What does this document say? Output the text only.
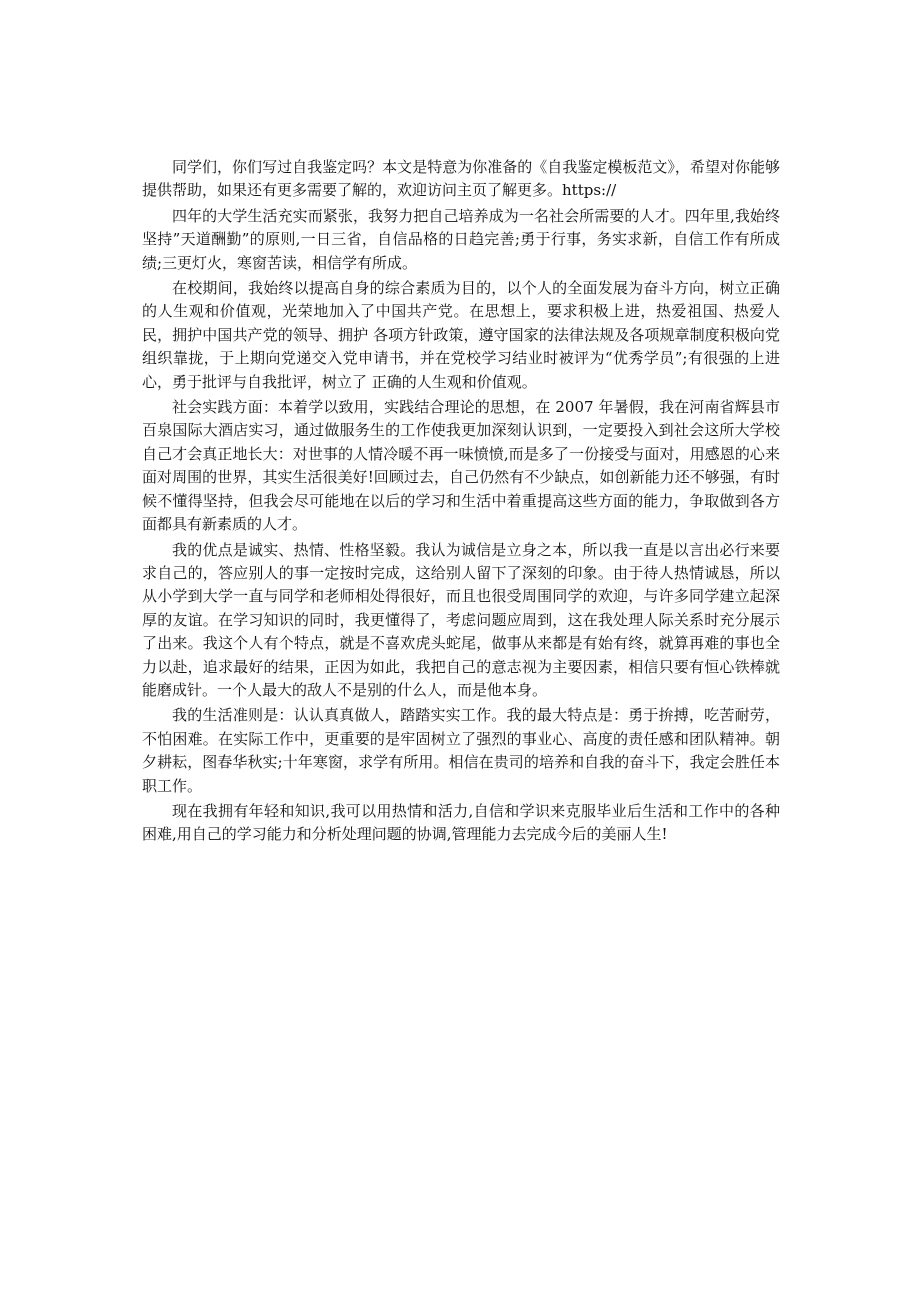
同学们，你们写过自我鉴定吗？本文是特意为你准备的《自我鉴定模板范文》，希望对你能够提供帮助，如果还有更多需要了解的，欢迎访问主页了解更多。https://

四年的大学生活充实而紧张，我努力把自己培养成为一名社会所需要的人才。四年里,我始终坚持”天道酬勤”的原则,一日三省，自信品格的日趋完善;勇于行事，务实求新，自信工作有所成绩;三更灯火，寒窗苦读，相信学有所成。

在校期间，我始终以提高自身的综合素质为目的，以个人的全面发展为奋斗方向，树立正确的人生观和价值观，光荣地加入了中国共产党。在思想上，要求积极上进，热爱祖国、热爱人民，拥护中国共产党的领导、拥护 各项方针政策，遵守国家的法律法规及各项规章制度积极向党组织靠拢，于上期向党递交入党申请书，并在党校学习结业时被评为“优秀学员”;有很强的上进心，勇于批评与自我批评，树立了 正确的人生观和价值观。

社会实践方面：本着学以致用，实践结合理论的思想，在 2007 年暑假，我在河南省辉县市百泉国际大酒店实习，通过做服务生的工作使我更加深刻认识到，一定要投入到社会这所大学校自己才会真正地长大：对世事的人情冷暖不再一味愤愤,而是多了一份接受与面对，用感恩的心来面对周围的世界，其实生活很美好!回顾过去，自己仍然有不少缺点，如创新能力还不够强，有时候不懂得坚持，但我会尽可能地在以后的学习和生活中着重提高这些方面的能力，争取做到各方面都具有新素质的人才。

我的优点是诚实、热情、性格坚毅。我认为诚信是立身之本，所以我一直是以言出必行来要求自己的，答应别人的事一定按时完成，这给别人留下了深刻的印象。由于待人热情诚恳，所以从小学到大学一直与同学和老师相处得很好，而且也很受周围同学的欢迎，与许多同学建立起深厚的友谊。在学习知识的同时，我更懂得了，考虑问题应周到，这在我处理人际关系时充分展示了出来。我这个人有个特点，就是不喜欢虎头蛇尾，做事从来都是有始有终，就算再难的事也全力以赴，追求最好的结果，正因为如此，我把自己的意志视为主要因素，相信只要有恒心铁棒就能磨成针。一个人最大的敌人不是别的什么人，而是他本身。

我的生活准则是：认认真真做人，踏踏实实工作。我的最大特点是：勇于拚搏，吃苦耐劳，不怕困难。在实际工作中，更重要的是牢固树立了强烈的事业心、高度的责任感和团队精神。朝夕耕耘，图春华秋实;十年寒窗，求学有所用。相信在贵司的培养和自我的奋斗下，我定会胜任本职工作。

现在我拥有年轻和知识,我可以用热情和活力,自信和学识来克服毕业后生活和工作中的各种困难,用自己的学习能力和分析处理问题的协调,管理能力去完成今后的美丽人生!
